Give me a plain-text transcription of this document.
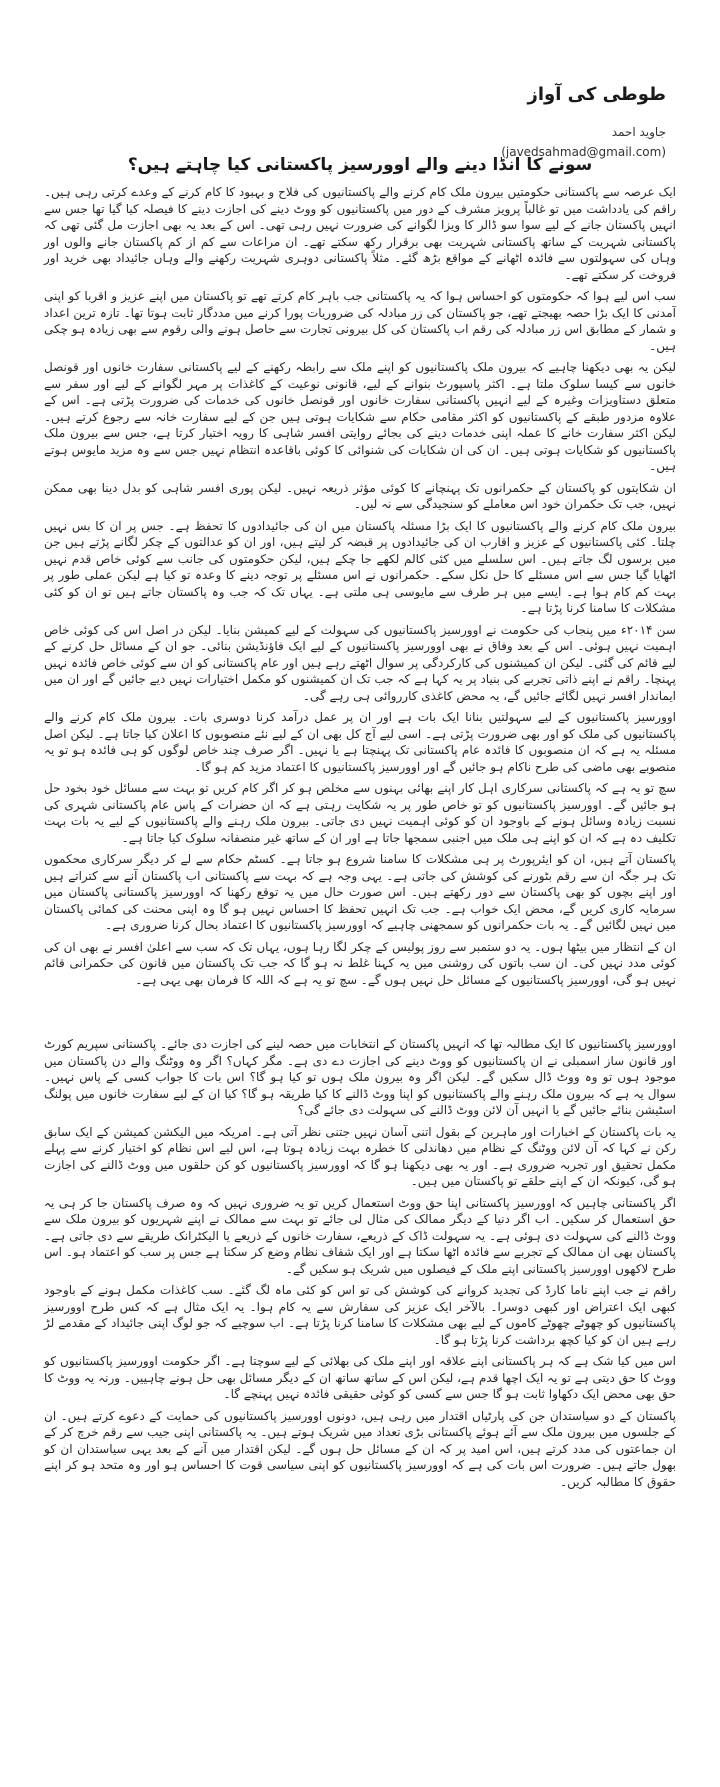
طوطی کی آواز
جاوید احمد
(javedsahmad@gmail.com)
سونے کا انڈا دینے والے اوورسیز پاکستانی کیا چاہتے ہیں؟

ایک عرصہ سے پاکستانی حکومتیں بیرون ملک کام کرنے والے پاکستانیوں کی فلاح و بہبود کا کام کرنے کے وعدے کرتی رہی ہیں۔ راقم کی یادداشت میں تو غالباً پرویز مشرف کے دور میں پاکستانیوں کو ووٹ دینے کی اجازت دینے کا فیصلہ کیا گیا تھا جس سے انہیں پاکستان جانے کے لیے سوا سو ڈالر کا ویزا لگوانے کی ضرورت نہیں رہی تھی۔ اس کے بعد یہ بھی اجازت مل گئی تھی کہ پاکستانی شہریت کے ساتھ پاکستانی شہریت بھی برقرار رکھ سکتے تھے۔ ان مراعات سے کم از کم پاکستان جانے والوں اور وہاں کی سہولتوں سے فائدہ اٹھانے کے مواقع بڑھ گئے۔ مثلاً پاکستانی دوہری شہریت رکھنے والے وہاں جائیداد بھی خرید اور فروخت کر سکتے تھے۔

سب اس لیے ہوا کہ حکومتوں کو احساس ہوا کہ یہ پاکستانی جب باہر کام کرتے تھے تو پاکستان میں اپنے عزیز و اقربا کو اپنی آمدنی کا ایک بڑا حصہ بھیجتے تھے، جو پاکستان کی زر مبادلہ کی ضروریات پورا کرنے میں مددگار ثابت ہوتا تھا۔ تازہ ترین اعداد و شمار کے مطابق اس زر مبادلہ کی رقم اب پاکستان کی کل بیرونی تجارت سے حاصل ہونے والی رقوم سے بھی زیادہ ہو چکی ہیں۔

لیکن یہ بھی دیکھنا چاہیے کہ بیرون ملک پاکستانیوں کو اپنے ملک سے رابطہ رکھنے کے لیے پاکستانی سفارت خانوں اور قونصل خانوں سے کیسا سلوک ملتا ہے۔ اکثر پاسپورٹ بنوانے کے لیے، قانونی نوعیت کے کاغذات پر مہر لگوانے کے لیے اور سفر سے متعلق دستاویزات وغیرہ کے لیے انہیں پاکستانی سفارت خانوں اور قونصل خانوں کی خدمات کی ضرورت پڑتی ہے۔ اس کے علاوہ مزدور طبقے کے پاکستانیوں کو اکثر مقامی حکام سے شکایات ہوتی ہیں جن کے لیے سفارت خانہ سے رجوع کرتے ہیں۔ لیکن اکثر سفارت خانے کا عملہ اپنی خدمات دینے کی بجائے روایتی افسر شاہی کا رویہ اختیار کرتا ہے، جس سے بیرون ملک پاکستانیوں کو شکایات ہوتی ہیں۔ ان کی ان شکایات کی شنوائی کا کوئی باقاعدہ انتظام نہیں جس سے وہ مزید مایوس ہوتے ہیں۔

ان شکایتوں کو پاکستان کے حکمرانوں تک پہنچانے کا کوئی مؤثر ذریعہ نہیں۔ لیکن پوری افسر شاہی کو بدل دینا بھی ممکن نہیں، جب تک حکمران خود اس معاملے کو سنجیدگی سے نہ لیں۔

بیرون ملک کام کرنے والے پاکستانیوں کا ایک بڑا مسئلہ پاکستان میں ان کی جائیدادوں کا تحفظ ہے۔ جس پر ان کا بس نہیں چلتا۔ کئی پاکستانیوں کے عزیز و اقارب ان کی جائیدادوں پر قبضہ کر لیتے ہیں، اور ان کو عدالتوں کے چکر لگانے پڑتے ہیں جن میں برسوں لگ جاتے ہیں۔ اس سلسلے میں کئی کالم لکھے جا چکے ہیں، لیکن حکومتوں کی جانب سے کوئی خاص قدم نہیں اٹھایا گیا جس سے اس مسئلے کا حل نکل سکے۔ حکمرانوں نے اس مسئلے پر توجہ دینے کا وعدہ تو کیا ہے لیکن عملی طور پر بہت کم کام ہوا ہے۔ ایسے میں ہر طرف سے مایوسی ہی ملتی ہے۔ یہاں تک کہ جب وہ پاکستان جاتے ہیں تو ان کو کئی مشکلات کا سامنا کرنا پڑتا ہے۔

سن ۲۰۱۴ء میں پنجاب کی حکومت نے اوورسیز پاکستانیوں کی سہولت کے لیے کمیشن بنایا۔ لیکن در اصل اس کی کوئی خاص اہمیت نہیں ہوئی۔ اس کے بعد وفاق نے بھی اوورسیز پاکستانیوں کے لیے ایک فاؤنڈیشن بنائی۔ جو ان کے مسائل حل کرنے کے لیے قائم کی گئی۔ لیکن ان کمیشنوں کی کارکردگی پر سوال اٹھتے رہے ہیں اور عام پاکستانی کو ان سے کوئی خاص فائدہ نہیں پہنچا۔ راقم نے اپنے ذاتی تجربے کی بنیاد پر یہ کہا ہے کہ جب تک ان کمیشنوں کو مکمل اختیارات نہیں دیے جائیں گے اور ان میں ایماندار افسر نہیں لگائے جائیں گے، یہ محض کاغذی کارروائی ہی رہے گی۔

اوورسیز پاکستانیوں کے لیے سہولتیں بنانا ایک بات ہے اور ان پر عمل درآمد کرنا دوسری بات۔ بیرون ملک کام کرنے والے پاکستانیوں کی ملک کو اور بھی ضرورت پڑتی ہے۔ اسی لیے آج کل بھی ان کے لیے نئے منصوبوں کا اعلان کیا جاتا ہے۔ لیکن اصل مسئلہ یہ ہے کہ ان منصوبوں کا فائدہ عام پاکستانی تک پہنچتا ہے یا نہیں۔ اگر صرف چند خاص لوگوں کو ہی فائدہ ہو تو یہ منصوبے بھی ماضی کی طرح ناکام ہو جائیں گے اور اوورسیز پاکستانیوں کا اعتماد مزید کم ہو گا۔

سچ تو یہ ہے کہ پاکستانی سرکاری اہل کار اپنے بھائی بہنوں سے مخلص ہو کر اگر کام کریں تو بہت سے مسائل خود بخود حل ہو جائیں گے۔ اوورسیز پاکستانیوں کو تو خاص طور پر یہ شکایت رہتی ہے کہ ان حضرات کے پاس عام پاکستانی شہری کی نسبت زیادہ وسائل ہونے کے باوجود ان کو کوئی اہمیت نہیں دی جاتی۔ بیرون ملک رہنے والے پاکستانیوں کے لیے یہ بات بہت تکلیف دہ ہے کہ ان کو اپنے ہی ملک میں اجنبی سمجھا جاتا ہے اور ان کے ساتھ غیر منصفانہ سلوک کیا جاتا ہے۔

پاکستان آتے ہیں، ان کو ایئرپورٹ پر ہی مشکلات کا سامنا شروع ہو جاتا ہے۔ کسٹم حکام سے لے کر دیگر سرکاری محکموں تک ہر جگہ ان سے رقم بٹورنے کی کوشش کی جاتی ہے۔ یہی وجہ ہے کہ بہت سے پاکستانی اب پاکستان آنے سے کتراتے ہیں اور اپنے بچوں کو بھی پاکستان سے دور رکھتے ہیں۔ اس صورت حال میں یہ توقع رکھنا کہ اوورسیز پاکستانی پاکستان میں سرمایہ کاری کریں گے، محض ایک خواب ہے۔ جب تک انہیں تحفظ کا احساس نہیں ہو گا وہ اپنی محنت کی کمائی پاکستان میں نہیں لگائیں گے۔ یہ بات حکمرانوں کو سمجھنی چاہیے کہ اوورسیز پاکستانیوں کا اعتماد بحال کرنا ضروری ہے۔

ان کے انتظار میں بیٹھا ہوں۔ یہ دو ستمبر سے روز پولیس کے چکر لگا رہا ہوں، یہاں تک کہ سب سے اعلیٰ افسر نے بھی ان کی کوئی مدد نہیں کی۔ ان سب باتوں کی روشنی میں یہ کہنا غلط نہ ہو گا کہ جب تک پاکستان میں قانون کی حکمرانی قائم نہیں ہو گی، اوورسیز پاکستانیوں کے مسائل حل نہیں ہوں گے۔ سچ تو یہ ہے کہ اللہ کا فرمان بھی یہی ہے۔

اوورسیز پاکستانیوں کا ایک مطالبہ تھا کہ انہیں پاکستان کے انتخابات میں حصہ لینے کی اجازت دی جائے۔ پاکستانی سپریم کورٹ اور قانون ساز اسمبلی نے ان پاکستانیوں کو ووٹ دینے کی اجازت دے دی ہے۔ مگر کہاں؟ اگر وہ ووٹنگ والے دن پاکستان میں موجود ہوں تو وہ ووٹ ڈال سکیں گے۔ لیکن اگر وہ بیرون ملک ہوں تو کیا ہو گا؟ اس بات کا جواب کسی کے پاس نہیں۔ سوال یہ ہے کہ بیرون ملک رہنے والے پاکستانیوں کو اپنا ووٹ ڈالنے کا کیا طریقہ ہو گا؟ کیا ان کے لیے سفارت خانوں میں پولنگ اسٹیشن بنائے جائیں گے یا انہیں آن لائن ووٹ ڈالنے کی سہولت دی جائے گی؟

یہ بات پاکستان کے اخبارات اور ماہرین کے بقول اتنی آسان نہیں جتنی نظر آتی ہے۔ امریکہ میں الیکشن کمیشن کے ایک سابق رکن نے کہا کہ آن لائن ووٹنگ کے نظام میں دھاندلی کا خطرہ بہت زیادہ ہوتا ہے، اس لیے اس نظام کو اختیار کرنے سے پہلے مکمل تحقیق اور تجربہ ضروری ہے۔ اور یہ بھی دیکھنا ہو گا کہ اوورسیز پاکستانیوں کو کن حلقوں میں ووٹ ڈالنے کی اجازت ہو گی، کیونکہ ان کے اپنے حلقے تو پاکستان میں ہیں۔

اگر پاکستانی چاہیں کہ اوورسیز پاکستانی اپنا حق ووٹ استعمال کریں تو یہ ضروری نہیں کہ وہ صرف پاکستان جا کر ہی یہ حق استعمال کر سکیں۔ اب اگر دنیا کے دیگر ممالک کی مثال لی جائے تو بہت سے ممالک نے اپنے شہریوں کو بیرون ملک سے ووٹ ڈالنے کی سہولت دی ہوئی ہے۔ یہ سہولت ڈاک کے ذریعے، سفارت خانوں کے ذریعے یا الیکٹرانک طریقے سے دی جاتی ہے۔ پاکستان بھی ان ممالک کے تجربے سے فائدہ اٹھا سکتا ہے اور ایک شفاف نظام وضع کر سکتا ہے جس پر سب کو اعتماد ہو۔ اس طرح لاکھوں اوورسیز پاکستانی اپنے ملک کے فیصلوں میں شریک ہو سکیں گے۔

راقم نے جب اپنے ناما کارڈ کی تجدید کروانے کی کوشش کی تو اس کو کئی ماہ لگ گئے۔ سب کاغذات مکمل ہونے کے باوجود کبھی ایک اعتراض اور کبھی دوسرا۔ بالآخر ایک عزیز کی سفارش سے یہ کام ہوا۔ یہ ایک مثال ہے کہ کس طرح اوورسیز پاکستانیوں کو چھوٹے چھوٹے کاموں کے لیے بھی مشکلات کا سامنا کرنا پڑتا ہے۔ اب سوچیے کہ جو لوگ اپنی جائیداد کے مقدمے لڑ رہے ہیں ان کو کیا کچھ برداشت کرنا پڑتا ہو گا۔

اس میں کیا شک ہے کہ ہر پاکستانی اپنے علاقہ اور اپنے ملک کی بھلائی کے لیے سوچتا ہے۔ اگر حکومت اوورسیز پاکستانیوں کو ووٹ کا حق دیتی ہے تو یہ ایک اچھا قدم ہے، لیکن اس کے ساتھ ساتھ ان کے دیگر مسائل بھی حل ہونے چاہییں۔ ورنہ یہ ووٹ کا حق بھی محض ایک دکھاوا ثابت ہو گا جس سے کسی کو کوئی حقیقی فائدہ نہیں پہنچے گا۔

پاکستان کے دو سیاستدان جن کی پارٹیاں اقتدار میں رہی ہیں، دونوں اوورسیز پاکستانیوں کی حمایت کے دعوے کرتے ہیں۔ ان کے جلسوں میں بیرون ملک سے آئے ہوئے پاکستانی بڑی تعداد میں شریک ہوتے ہیں۔ یہ پاکستانی اپنی جیب سے رقم خرچ کر کے ان جماعتوں کی مدد کرتے ہیں، اس امید پر کہ ان کے مسائل حل ہوں گے۔ لیکن اقتدار میں آنے کے بعد یہی سیاستدان ان کو بھول جاتے ہیں۔ ضرورت اس بات کی ہے کہ اوورسیز پاکستانیوں کو اپنی سیاسی قوت کا احساس ہو اور وہ متحد ہو کر اپنے حقوق کا مطالبہ کریں۔
